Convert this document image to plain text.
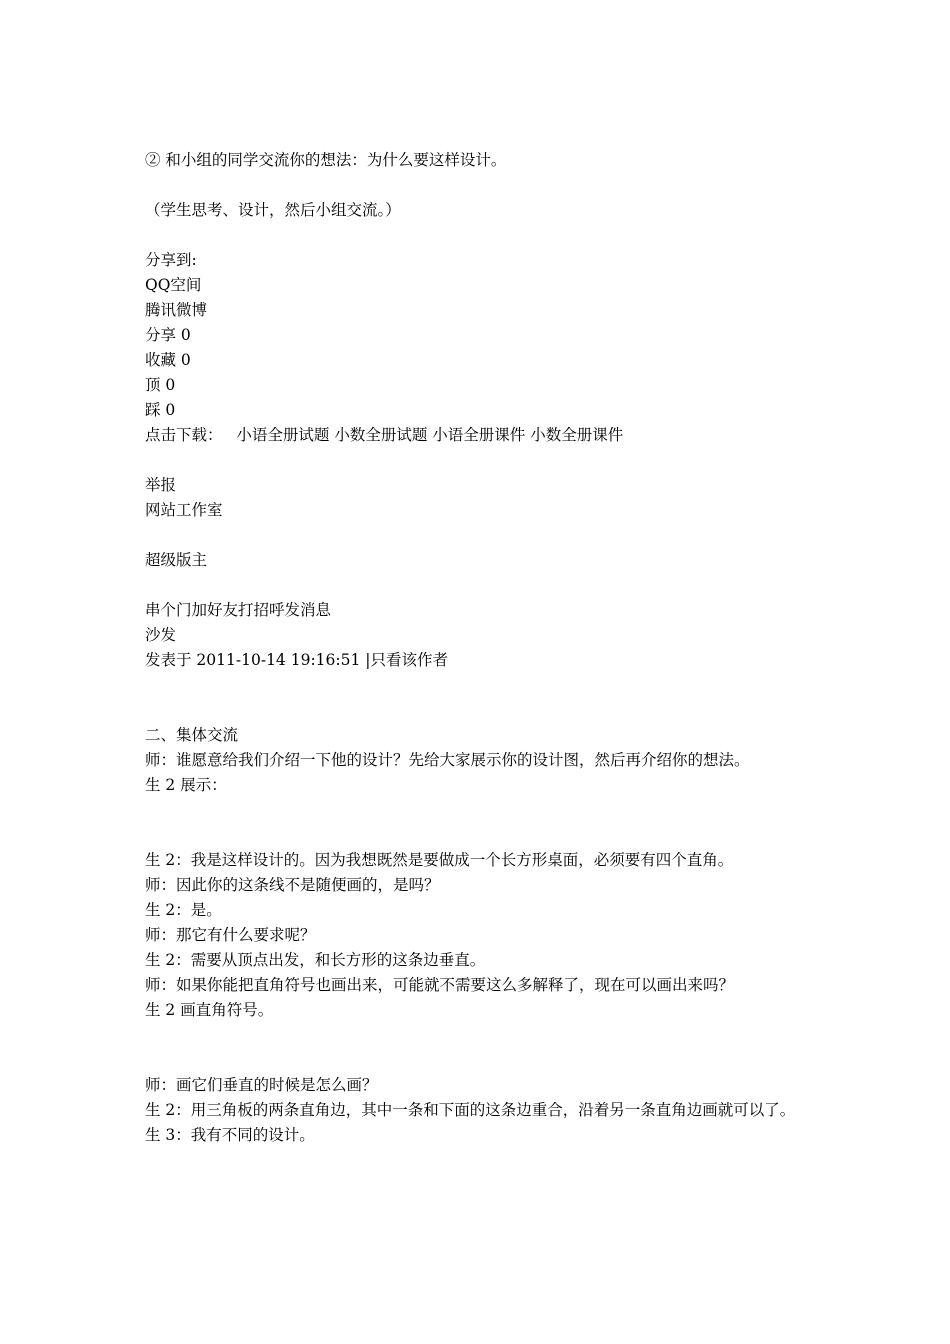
② 和小组的同学交流你的想法：为什么要这样设计。
（学生思考、设计，然后小组交流。）
分享到:
QQ空间
腾讯微博
分享 0
收藏 0
顶 0
踩 0
点击下载： 小语全册试题 小数全册试题 小语全册课件 小数全册课件
举报
网站工作室
超级版主
串个门加好友打招呼发消息
沙发
发表于 2011-10-14 19:16:51 |只看该作者
二、集体交流
师：谁愿意给我们介绍一下他的设计？先给大家展示你的设计图，然后再介绍你的想法。
生 2 展示：
生 2：我是这样设计的。因为我想既然是要做成一个长方形桌面，必须要有四个直角。
师：因此你的这条线不是随便画的，是吗？
生 2：是。
师：那它有什么要求呢？
生 2：需要从顶点出发，和长方形的这条边垂直。
师：如果你能把直角符号也画出来，可能就不需要这么多解释了，现在可以画出来吗？
生 2 画直角符号。
师：画它们垂直的时候是怎么画？
生 2：用三角板的两条直角边，其中一条和下面的这条边重合，沿着另一条直角边画就可以了。
生 3：我有不同的设计。
